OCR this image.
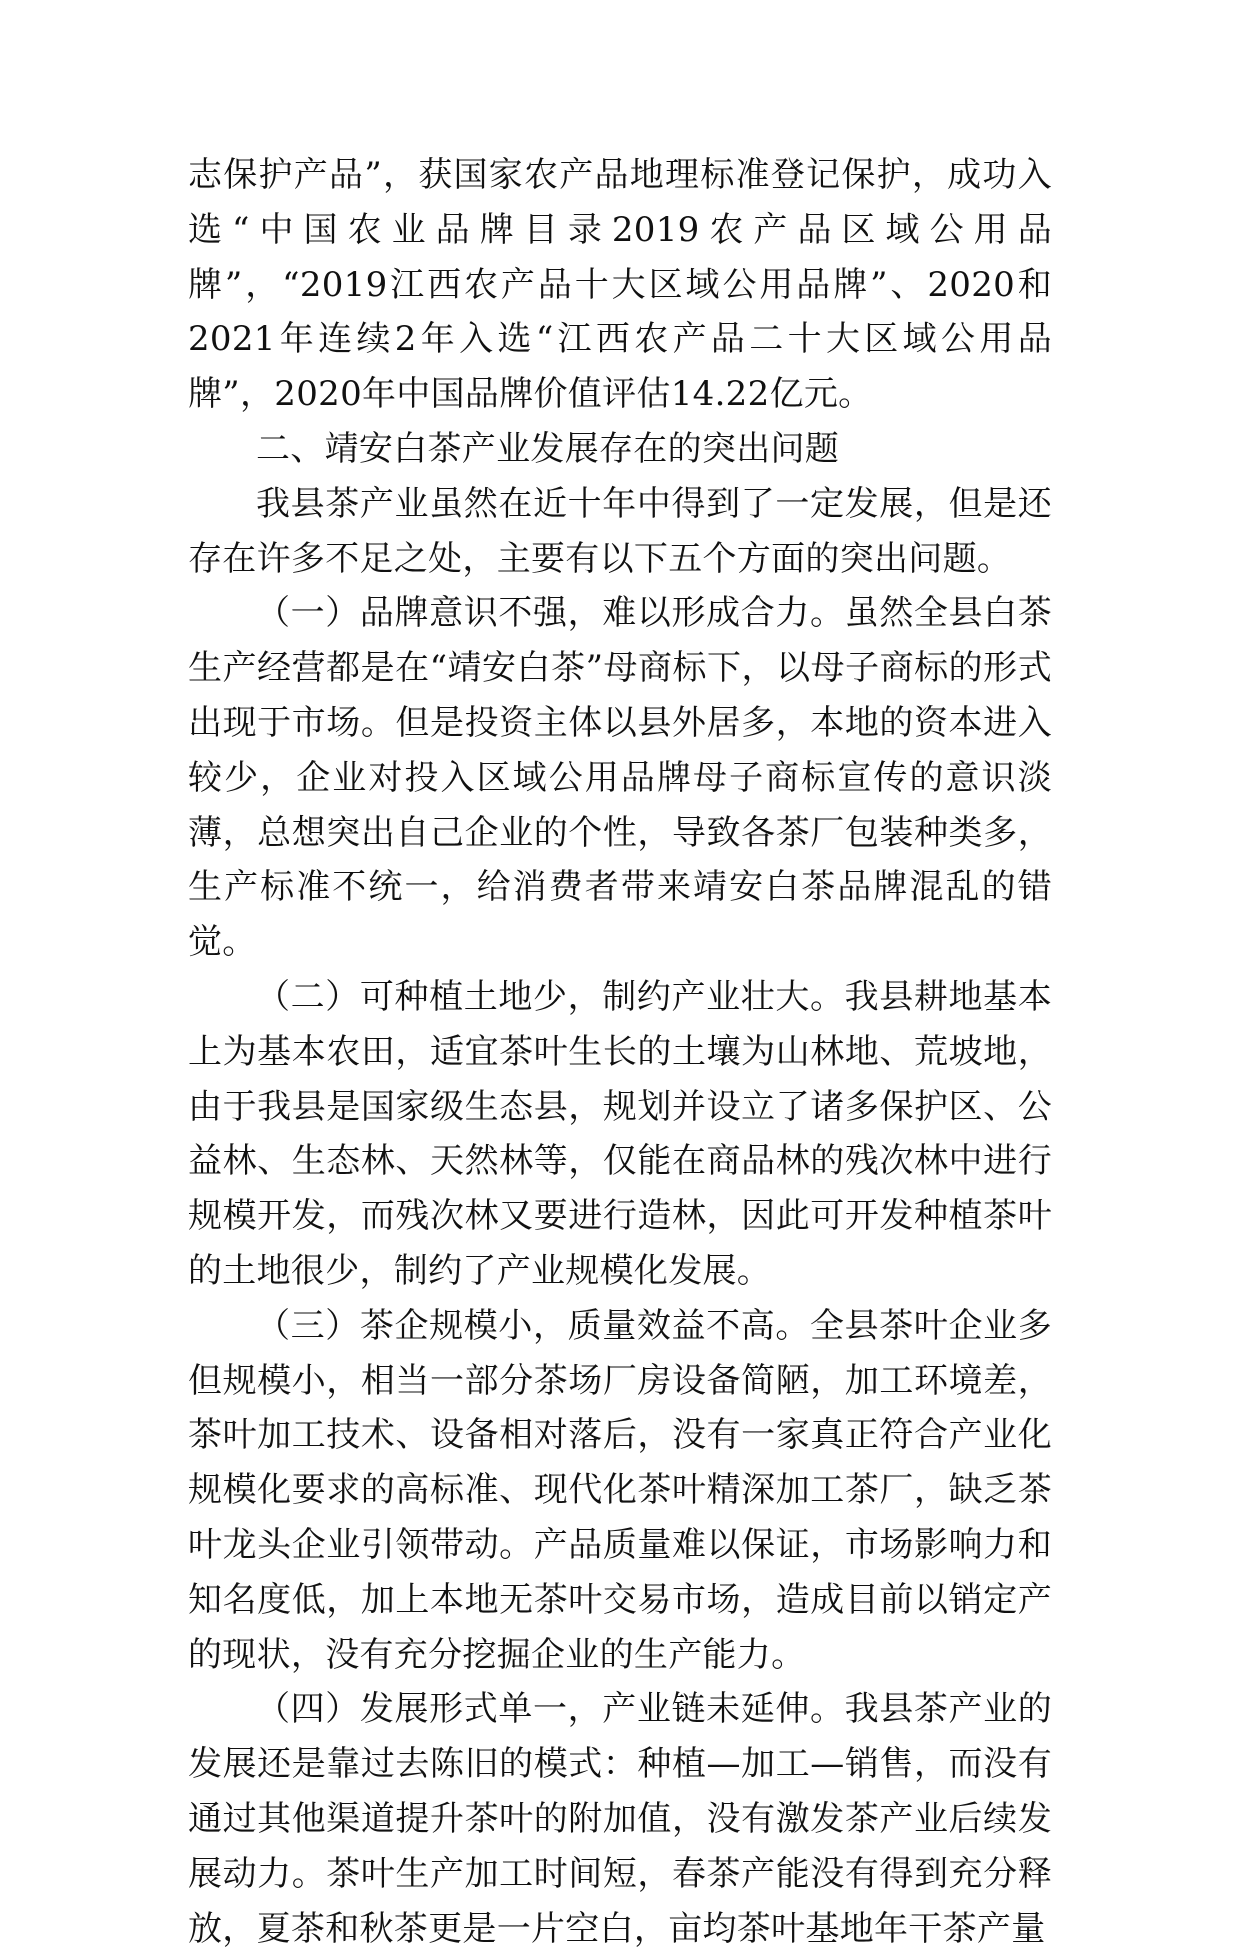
志保护产品”，获国家农产品地理标准登记保护，成功入选“中国农业品牌目录2019农产品区域公用品牌”，“2019江西农产品十大区域公用品牌”、2020和2021年连续2年入选“江西农产品二十大区域公用品牌”，2020年中国品牌价值评估14.22亿元。

二、靖安白茶产业发展存在的突出问题

我县茶产业虽然在近十年中得到了一定发展，但是还存在许多不足之处，主要有以下五个方面的突出问题。

（一）品牌意识不强，难以形成合力。虽然全县白茶生产经营都是在“靖安白茶”母商标下，以母子商标的形式出现于市场。但是投资主体以县外居多，本地的资本进入较少，企业对投入区域公用品牌母子商标宣传的意识淡薄，总想突出自己企业的个性，导致各茶厂包装种类多，生产标准不统一，给消费者带来靖安白茶品牌混乱的错觉。

（二）可种植土地少，制约产业壮大。我县耕地基本上为基本农田，适宜茶叶生长的土壤为山林地、荒坡地，由于我县是国家级生态县，规划并设立了诸多保护区、公益林、生态林、天然林等，仅能在商品林的残次林中进行规模开发，而残次林又要进行造林，因此可开发种植茶叶的土地很少，制约了产业规模化发展。

（三）茶企规模小，质量效益不高。全县茶叶企业多但规模小，相当一部分茶场厂房设备简陋，加工环境差，茶叶加工技术、设备相对落后，没有一家真正符合产业化规模化要求的高标准、现代化茶叶精深加工茶厂，缺乏茶叶龙头企业引领带动。产品质量难以保证，市场影响力和知名度低，加上本地无茶叶交易市场，造成目前以销定产的现状，没有充分挖掘企业的生产能力。

（四）发展形式单一，产业链未延伸。我县茶产业的发展还是靠过去陈旧的模式：种植—加工—销售，而没有通过其他渠道提升茶叶的附加值，没有激发茶产业后续发展动力。茶叶生产加工时间短，春茶产能没有得到充分释放，夏茶和秋茶更是一片空白，亩均茶叶基地年干茶产量
